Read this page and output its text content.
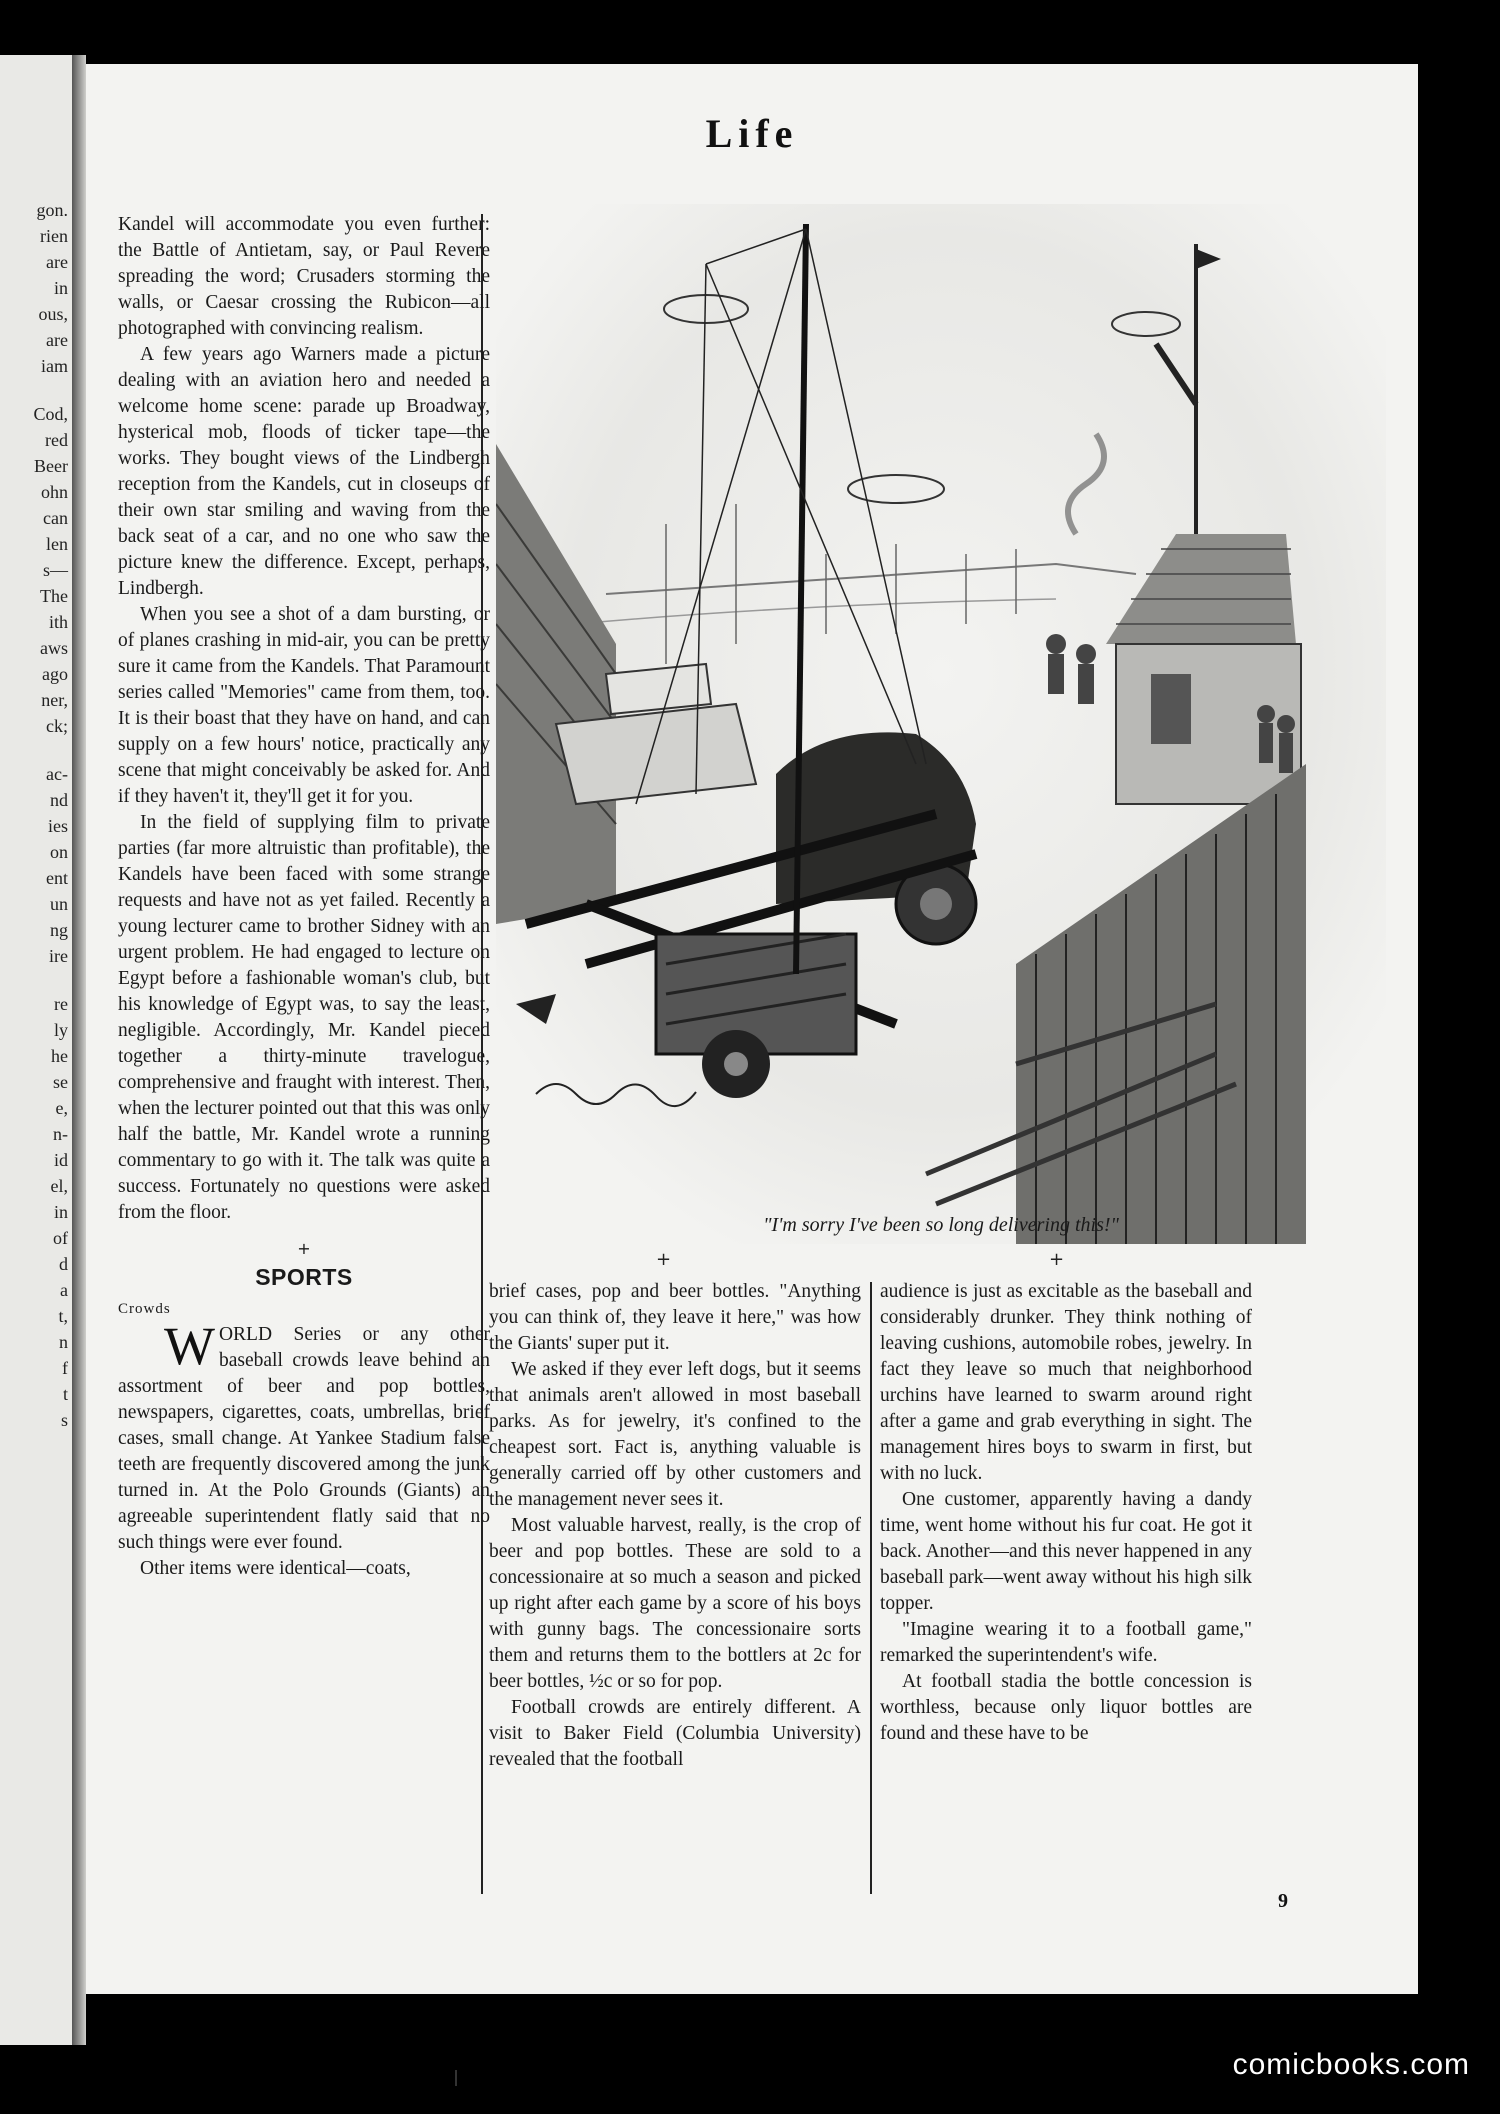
gon.
rien
are
in
ous,
are
iam
Cod,
red
Beer
ohn
can
len
s—
The
ith
aws
ago
ner,
ck;
ac-
nd
ies
on
ent
un
ng
ire
re
ly
he
se
e,
n-
id
el,
in
of
d
a
t,
n
f
t
s
Life

Kandel will accommodate you even further: the Battle of Antietam, say, or Paul Revere spreading the word; Crusaders storming the walls, or Caesar crossing the Rubicon—all photographed with convincing realism.

A few years ago Warners made a picture dealing with an aviation hero and needed a welcome home scene: parade up Broadway, hysterical mob, floods of ticker tape—the works. They bought views of the Lindbergh reception from the Kandels, cut in closeups of their own star smiling and waving from the back seat of a car, and no one who saw the picture knew the difference. Except, perhaps, Lindbergh.

When you see a shot of a dam bursting, or of planes crashing in mid-air, you can be pretty sure it came from the Kandels. That Paramount series called "Memories" came from them, too. It is their boast that they have on hand, and can supply on a few hours' notice, practically any scene that might conceivably be asked for. And if they haven't it, they'll get it for you.

In the field of supplying film to private parties (far more altruistic than profitable), the Kandels have been faced with some strange requests and have not as yet failed. Recently a young lecturer came to brother Sidney with an urgent problem. He had engaged to lecture on Egypt before a fashionable woman's club, but his knowledge of Egypt was, to say the least, negligible. Accordingly, Mr. Kandel pieced together a thirty-minute travelogue, comprehensive and fraught with interest. Then, when the lecturer pointed out that this was only half the battle, Mr. Kandel wrote a running commentary to go with it. The talk was quite a success. Fortunately no questions were asked from the floor.

+
SPORTS

Crowds

WORLD Series or any other baseball crowds leave behind an assortment of beer and pop bottles, newspapers, cigarettes, coats, umbrellas, brief cases, small change. At Yankee Stadium false teeth are frequently discovered among the junk turned in. At the Polo Grounds (Giants) an agreeable superintendent flatly said that no such things were ever found.

Other items were identical—coats,

"I'm sorry I've been so long delivering this!"
+	+

brief cases, pop and beer bottles. "Anything you can think of, they leave it here," was how the Giants' super put it.

We asked if they ever left dogs, but it seems that animals aren't allowed in most baseball parks. As for jewelry, it's confined to the cheapest sort. Fact is, anything valuable is generally carried off by other customers and the management never sees it.

Most valuable harvest, really, is the crop of beer and pop bottles. These are sold to a concessionaire at so much a season and picked up right after each game by a score of his boys with gunny bags. The concessionaire sorts them and returns them to the bottlers at 2c for beer bottles, ½c or so for pop.

Football crowds are entirely different. A visit to Baker Field (Columbia University) revealed that the football

audience is just as excitable as the baseball and considerably drunker. They think nothing of leaving cushions, automobile robes, jewelry. In fact they leave so much that neighborhood urchins have learned to swarm around right after a game and grab everything in sight. The management hires boys to swarm in first, but with no luck.

One customer, apparently having a dandy time, went home without his fur coat. He got it back. Another—and this never happened in any baseball park—went away without his high silk topper.

"Imagine wearing it to a football game," remarked the superintendent's wife.

At football stadia the bottle concession is worthless, because only liquor bottles are found and these have to be

9
comicbooks.com
